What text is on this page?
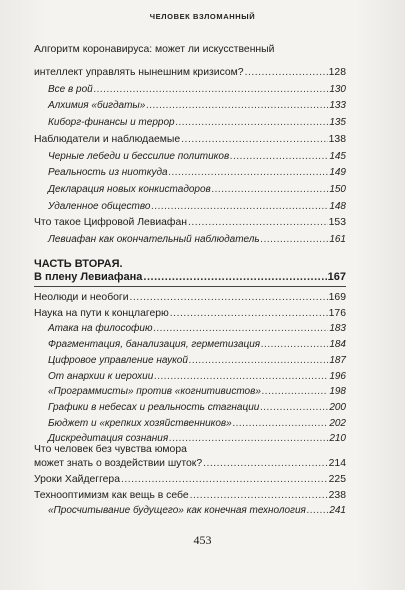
ЧЕЛОВЕК ВЗЛОМАННЫЙ
Алгоритм коронавируса: может ли искусственный
интеллект управлять нынешним кризисом? .....	128
Все в рой .....	130
Алхимия «бигдаты» .....	133
Киборг-финансы и террор .....	135
Наблюдатели и наблюдаемые .....	138
Черные лебеди и бессилие политиков .....	145
Реальность из ниоткуда .....	149
Декларация новых конкистадоров .....	150
Удаленное общество .....	148
Что такое Цифровой Левиафан .....	153
Левиафан как окончательный наблюдатель .....	161
ЧАСТЬ ВТОРАЯ.
В плену Левиафана .....	167
Неолюди и необоги .....	169
Наука на пути к концлагерю .....	176
Атака на философию .....	183
Фрагментация, банализация, герметизация .....	184
Цифровое управление наукой .....	187
От анархии к иерохии .....	196
«Программисты» против «когнитивистов» .....	198
Графики в небесах и реальность стагнации .....	200
Бюджет и «крепких хозяйственников» .....	202
Дискредитация сознания .....	210
Что человек без чувства юмора
может знать о воздействии шуток? .....	214
Уроки Хайдеггера .....	225
Технооптимизм как вещь в себе .....	238
«Просчитывание будущего» как конечная технология ..... 241
453
